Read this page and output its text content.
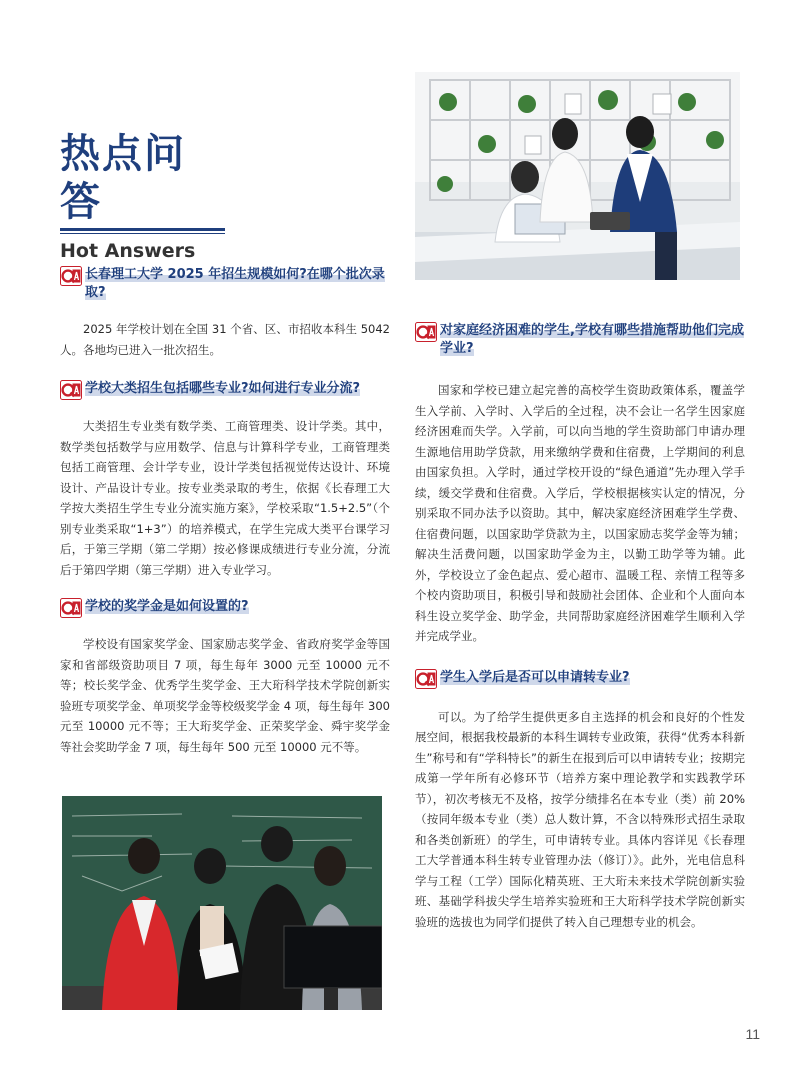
热点问答
Hot Answers
长春理工大学 2025 年招生规模如何?在哪个批次录取?
2025 年学校计划在全国 31 个省、区、市招收本科生 5042 人。各地均已进入一批次招生。
学校大类招生包括哪些专业?如何进行专业分流?
大类招生专业类有数学类、工商管理类、设计学类。其中，数学类包括数学与应用数学、信息与计算科学专业，工商管理类包括工商管理、会计学专业，设计学类包括视觉传达设计、环境设计、产品设计专业。按专业类录取的考生，依据《长春理工大学按大类招生学生专业分流实施方案》，学校采取“1.5+2.5”（个别专业类采取“1+3”）的培养模式，在学生完成大类平台课学习后，于第三学期（第二学期）按必修课成绩进行专业分流，分流后于第四学期（第三学期）进入专业学习。
学校的奖学金是如何设置的?
学校设有国家奖学金、国家励志奖学金、省政府奖学金等国家和省部级资助项目 7 项，每生每年 3000 元至 10000 元不等；校长奖学金、优秀学生奖学金、王大珩科学技术学院创新实验班专项奖学金、单项奖学金等校级奖学金 4 项，每生每年 300 元至 10000 元不等；王大珩奖学金、正荣奖学金、舜宇奖学金等社会奖助学金 7 项，每生每年 500 元至 10000 元不等。
对家庭经济困难的学生,学校有哪些措施帮助他们完成学业?
国家和学校已建立起完善的高校学生资助政策体系，覆盖学生入学前、入学时、入学后的全过程，决不会让一名学生因家庭经济困难而失学。入学前，可以向当地的学生资助部门申请办理生源地信用助学贷款，用来缴纳学费和住宿费，上学期间的利息由国家负担。入学时，通过学校开设的“绿色通道”先办理入学手续，缓交学费和住宿费。入学后，学校根据核实认定的情况，分别采取不同办法予以资助。其中，解决家庭经济困难学生学费、住宿费问题，以国家助学贷款为主，以国家励志奖学金等为辅；解决生活费问题，以国家助学金为主，以勤工助学等为辅。此外，学校设立了金色起点、爱心超市、温暖工程、亲情工程等多个校内资助项目，积极引导和鼓励社会团体、企业和个人面向本科生设立奖学金、助学金，共同帮助家庭经济困难学生顺利入学并完成学业。
学生入学后是否可以申请转专业?
可以。为了给学生提供更多自主选择的机会和良好的个性发展空间，根据我校最新的本科生调转专业政策，获得“优秀本科新生”称号和有“学科特长”的新生在报到后可以申请转专业；按期完成第一学年所有必修环节（培养方案中理论教学和实践教学环节），初次考核无不及格，按学分绩排名在本专业（类）前 20%（按同年级本专业（类）总人数计算，不含以特殊形式招生录取和各类创新班）的学生，可申请转专业。具体内容详见《长春理工大学普通本科生转专业管理办法（修订）》。此外，光电信息科学与工程（工学）国际化精英班、王大珩未来技术学院创新实验班、基础学科拔尖学生培养实验班和王大珩科学技术学院创新实验班的选拔也为同学们提供了转入自己理想专业的机会。
11
